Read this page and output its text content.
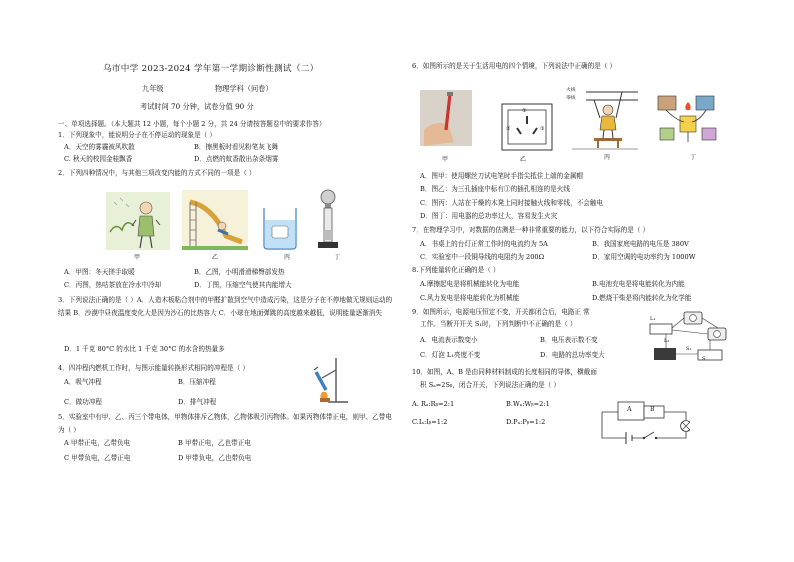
乌市中学 2023-2024 学年第一学期诊断性测试（二）
九年级	物理学科（问卷）
考试时间 70 分钟，试卷分值 90 分
一、单项选择题。（本大题共 12 小题，每个小题 2 分，共 24 分请按答题卷中的要求作答）
1．下列现象中，能说明分子在不停运动的现象是（ ）
A．天空的雾霾被风吹散	B．擦黑板时看见粉笔灰飞舞
C. 秋天的校园金桂飘香	D．点燃的蚊香散出杂条烟雾
2．下列四种情况中，与其他三项改变内能的方式不同的一项是（ ）
甲	乙	丙	丁
A．甲图：冬天搓手取暖	B．乙图，小明滑滑梯臀部发热
C．丙图，热咕茶放在冷水中冷却	D．丁图，压缩空气使其内能增大
3．下列说法正确的是（ ）A．人造木板粘合剂中的甲醛扩散到空气中造成污染，这是分子在不停地做无规则运动的结果 B．沙漠中昼夜温度变化大是因为沙石的比热容大 C．小球在地面弹跳的高度越来越低，说明能量逐渐消失
D．1 千克 80°C 的水比 1 千克 30°C 的水含的热量多
4．四冲程内燃机工作时，与图示能量转换形式相同的冲程是（ ）
A．吸气冲程	B．压缩冲程
C．做功冲程	D．排气冲程
5．实验室中有甲、乙、丙三个带电体，甲物体排斥乙物体，乙物体吸引丙物体。如果丙物体带正电，则甲、乙带电为（ ）
A 甲带正电，乙带负电	B 甲带正电，乙也带正电
C 甲带负电，乙带正电	D 甲带负电，乙也带负电
6．如图所示的是关于生活用电的四个情境，下列说法中正确的是（ ）
甲
①
②	③
乙
火线
零线
丙	丁
A．图甲：使用螺丝刀试电笔时手指尖抵住上端的金属帽
B．图乙：为三孔插座中标有①的插孔相连的是火线
C．图丙：人站在干燥的木凳上同时接触火线和零线，不会触电
D．图丁：用电器的总功率过大，容易发生火灾
7．在物理学习中，对数据的估测是一种非常重要的能力，以下符合实际的是（ ）
A．书桌上的台灯正常工作时的电流约为 5A	B．我国家庭电路的电压是 380V
C．实验室中一段铜导线的电阻约为 200Ω	D．家用空调的电功率约为 1000W
8.下列能量转化正确的是（ ）
A.摩擦起电是将机械能转化为电能	B.电池充电是将电能转化为内能
C.风力发电是将电能转化为机械能	D.燃烧干柴是将内能转化为化学能
9．如图所示，电源电压恒定不变，开关都闭合后，电路正 常
工作。当断开开关 S₁时，下列判断中不正确的是（ ）
A．电流表示数变小	B．电压表示数不变
C．灯泡 L₁亮度不变	D．电路的总功率变大
L₁
L₂
S₁
S
10．如图，A、B 是由同种材料制成的长度相同的导体，横截面
积 Sₐ=2Sᵦ，闭合开关，下列说法正确的是（ ）
A. Rₐ:Rᵦ=2:1	B.Wₐ:Wᵦ=2:1
C.Iₐ:Iᵦ=1:2	D.Pₐ:Pᵦ=1:2
A	B
